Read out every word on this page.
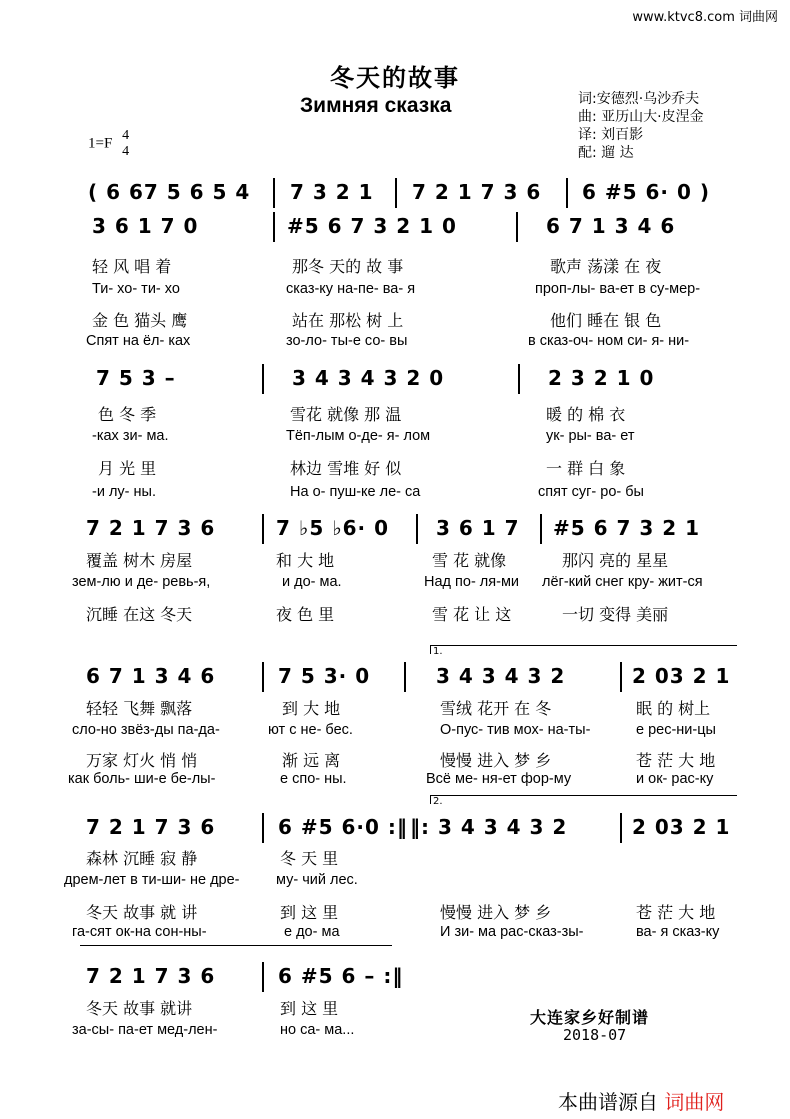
www.ktvc8.com 词曲网
冬天的故事
Зимняя сказка	词:安德烈·乌沙乔夫
曲: 亚历山大·皮涅金
译: 刘百影
配: 遛 达
1=F 4
4
( 6 67 5 6 5 4 7 3 2 1 7 2 1 7 3 6 6 #5 6· 0 )
3 6 1 7 0	#5 6 7 3 2 1 0	6 7 1 3 4 6
轻 风 唱 着	那冬 天的 故 事	歌声 荡漾 在 夜
Ти- хо- ти- хо	сказ-ку на-пе- ва- я	проп-лы- ва-ет в су-мер-
金 色 猫头 鹰	站在 那松 树 上	他们 睡在 银 色
Спят на ёл- ках	зо-ло- ты-е со- вы	в сказ-оч- ном си- я- ни-
7 5 3 –	3 4 3 4 3 2 0	2 3 2 1 0
色 冬 季	雪花 就像 那 温	暖 的 棉 衣
-ках зи- ма.	Тёп-лым о-де- я- лом	ук- ры- ва- ет
月 光 里	林边 雪堆 好 似	一 群 白 象
-и лу- ны.	На о- пуш-ке ле- са	спят суг- ро- бы
7 2 1 7 3 6	7 ♭5 ♭6· 0 3 6 1 7 #5 6 7 3 2 1
覆盖 树木 房屋	和 大 地	雪 花 就像	那闪 亮的 星星
зем-лю и де- ревь-я,	и до- ма.	Над по- ля-ми лёг-кий снег кру- жит-ся
沉睡 在这 冬天	夜 色 里	雪 花 让 这	一切 变得 美丽
1.
6 7 1 3 4 6	7 5 3· 0	3 4 3 4 3 2	2 03 2 1
轻轻 飞舞 飘落	到 大 地	雪绒 花开 在 冬	眠 的 树上
сло-но звёз-ды па-да-	ют с не- бес.	О-пус- тив мох- на-ты-	е рес-ни-цы
万家 灯火 悄 悄	渐 远 离	慢慢 进入 梦 乡	苍 茫 大 地
как боль- ши-е бе-лы-	е спо- ны.	Всё ме- ня-ет фор-му	и ок- рас-ку
2.
7 2 1 7 3 6	6 #5 6·0 :‖ ‖: 3 4 3 4 3 2	2 03 2 1
森林 沉睡 寂 静	冬 天 里
дрем-лет в ти-ши- не дре-	му- чий лес.
冬天 故事 就 讲	到 这 里	慢慢 进入 梦 乡	苍 茫 大 地
га-сят ок-на сон-ны-	е до- ма	И зи- ма рас-сказ-зы-	ва- я сказ-ку
7 2 1 7 3 6	6 #5 6 – :‖
冬天 故事 就讲	到 这 里
за-сы- па-ет мед-лен-	но са- ма...
大连家乡好制谱
2018-07
本曲谱源自 词曲网
